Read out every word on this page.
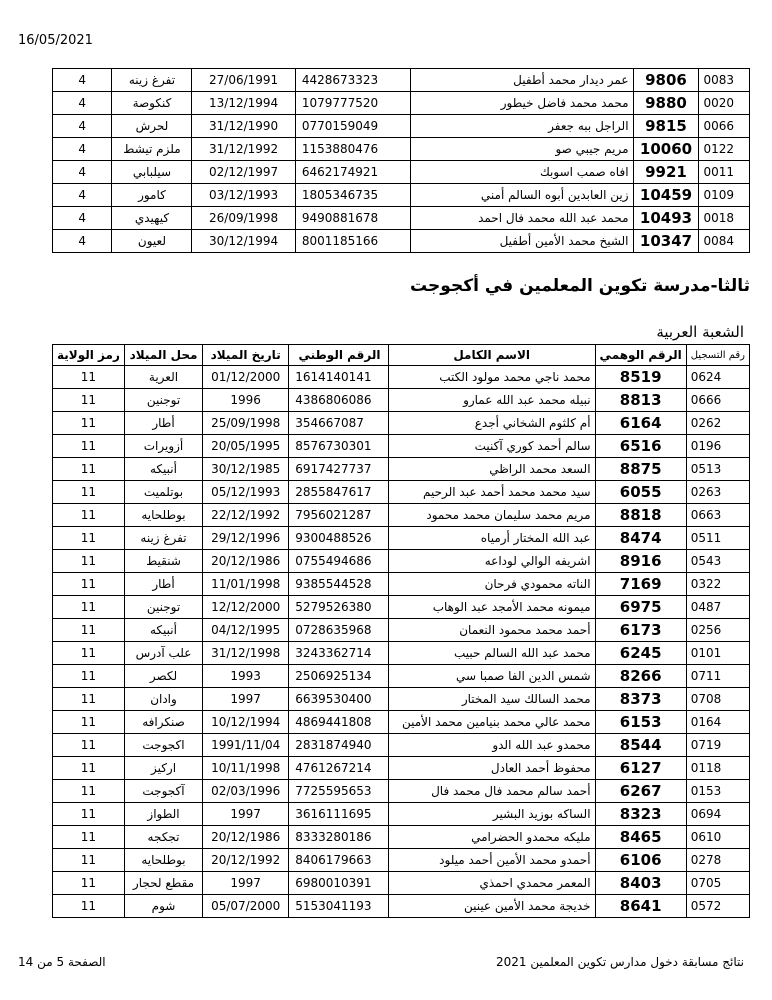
16/05/2021
0083	9806	عمر ديدار محمد أطفيل	4428673323	27/06/1991	تفرغ زينه	4
0020	9880	محمد محمد فاضل خيطور	1079777520	13/12/1994	كنكوصة	4
0066	9815	الراجل ببه جعفر	0770159049	31/12/1990	لحرش	4
0122	10060	مريم جيبي صو	1153880476	31/12/1992	ملزم تيشط	4
0011	9921	افاه صمب اسوبك	6462174921	02/12/1997	سيلبابي	4
0109	10459	زين العابدين أبوه السالم أمني	1805346735	03/12/1993	كامور	4
0018	10493	محمد عبد الله محمد فال احمد	9490881678	26/09/1998	كيهيدي	4
0084	10347	الشيخ محمد الأمين أطفيل	8001185166	30/12/1994	لعيون	4
ثالثا-مدرسة تكوين المعلمين في أكجوجت
الشعبة العربية
رقم التسجيل	الرقم الوهمي	الاسم الكامل	الرقم الوطني	تاريخ الميلاد	محل الميلاد	رمز الولاية
0624	8519	محمد ناجي محمد مولود الكتب	1614140141	01/12/2000	العرية	11
0666	8813	نبيله محمد عبد الله عمارو	4386806086	1996	توجنين	11
0262	6164	أم كلثوم الشخاني أجدع	354667087	25/09/1998	أطار	11
0196	6516	سالم أحمد كوري آكنيت	8576730301	20/05/1995	أزويرات	11
0513	8875	السعد محمد الراظي	6917427737	30/12/1985	أنبيكه	11
0263	6055	سيد محمد محمد أحمد عبد الرحيم	2855847617	05/12/1993	بوتلميت	11
0663	8818	مريم محمد سليمان محمد محمود	7956021287	22/12/1992	بوطلحايه	11
0511	8474	عبد الله المختار أرمياه	9300488526	29/12/1996	تفرغ زينه	11
0543	8916	اشريفه الوالي لوداعه	0755494686	20/12/1986	شنقيط	11
0322	7169	الناته محمودي فرحان	9385544528	11/01/1998	أطار	11
0487	6975	ميمونه محمد الأمجد عبد الوهاب	5279526380	12/12/2000	توجنين	11
0256	6173	أحمد محمد محمود النعمان	0728635968	04/12/1995	أنبيكه	11
0101	6245	محمد عبد الله السالم حبيب	3243362714	31/12/1998	علب آدرس	11
0711	8266	شمس الدين الفا صمبا سي	2506925134	1993	لكصر	11
0708	8373	محمد السالك سيد المختار	6639530400	1997	وادان	11
0164	6153	محمد عالي محمد بنيامين محمد الأمين	4869441808	10/12/1994	صنكرافه	11
0719	8544	محمدو عبد الله الدو	2831874940	1991/11/04	اكجوجت	11
0118	6127	محفوظ أحمد العادل	4761267214	10/11/1998	اركيز	11
0153	6267	أحمد سالم محمد فال محمد فال	7725595653	02/03/1996	آكجوجت	11
0694	8323	الساكه بوزيد البشير	3616111695	1997	الطواز	11
0610	8465	مليكه محمدو الحضرامي	8333280186	20/12/1986	تجكجه	11
0278	6106	أحمدو محمد الأمين أحمد ميلود	8406179663	20/12/1992	بوطلحايه	11
0705	8403	المعمر محمدي احمذي	6980010391	1997	مقطع لحجار	11
0572	8641	خديجة محمد الأمين عينين	5153041193	05/07/2000	شوم	11
نتائج مسابقة دخول مدارس تكوين المعلمين 2021
الصفحة 5 من 14
